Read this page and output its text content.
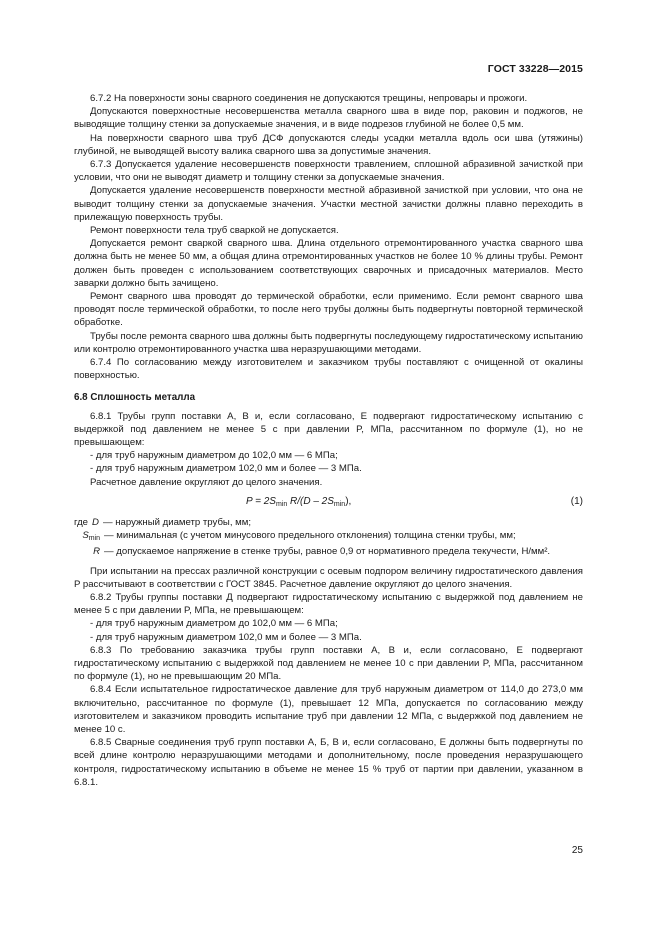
ГОСТ 33228—2015

6.7.2 На поверхности зоны сварного соединения не допускаются трещины, непровары и прожоги.

Допускаются поверхностные несовершенства металла сварного шва в виде пор, раковин и поджогов, не выводящие толщину стенки за допускаемые значения, и в виде подрезов глубиной не более 0,5 мм.

На поверхности сварного шва труб ДСФ допускаются следы усадки металла вдоль оси шва (утяжины) глубиной, не выводящей высоту валика сварного шва за допустимые значения.

6.7.3 Допускается удаление несовершенств поверхности травлением, сплошной абразивной зачисткой при условии, что они не выводят диаметр и толщину стенки за допускаемые значения.

Допускается удаление несовершенств поверхности местной абразивной зачисткой при условии, что она не выводит толщину стенки за допускаемые значения. Участки местной зачистки должны плавно переходить в прилежащую поверхность трубы.

Ремонт поверхности тела труб сваркой не допускается.

Допускается ремонт сваркой сварного шва. Длина отдельного отремонтированного участка сварного шва должна быть не менее 50 мм, а общая длина отремонтированных участков не более 10 % длины трубы. Ремонт должен быть проведен с использованием соответствующих сварочных и присадочных материалов. Место заварки должно быть зачищено.

Ремонт сварного шва проводят до термической обработки, если применимо. Если ремонт сварного шва проводят после термической обработки, то после него трубы должны быть подвергнуты повторной термической обработке.

Трубы после ремонта сварного шва должны быть подвергнуты последующему гидростатическому испытанию или контролю отремонтированного участка шва неразрушающими методами.

6.7.4 По согласованию между изготовителем и заказчиком трубы поставляют с очищенной от окалины поверхностью.

6.8 Сплошность металла

6.8.1 Трубы групп поставки А, В и, если согласовано, Е подвергают гидростатическому испытанию с выдержкой под давлением не менее 5 с при давлении P, МПа, рассчитанном по формуле (1), но не превышающем:

- для труб наружным диаметром до 102,0 мм — 6 МПа;

- для труб наружным диаметром 102,0 мм и более — 3 МПа.

Расчетное давление округляют до целого значения.

$P = 2S_{min}$ $R/(D - 2S_{min})$,	(1)
где D — наружный диаметр трубы, мм;
$S_{min}$ — минимальная (с учетом минусового предельного отклонения) толщина стенки трубы, мм;
R — допускаемое напряжение в стенке трубы, равное 0,9 от нормативного предела текучести, Н/мм².

При испытании на прессах различной конструкции с осевым подпором величину гидростатического давления P рассчитывают в соответствии с ГОСТ 3845. Расчетное давление округляют до целого значения.

6.8.2 Трубы группы поставки Д подвергают гидростатическому испытанию с выдержкой под давлением не менее 5 с при давлении P, МПа, не превышающем:

- для труб наружным диаметром до 102,0 мм — 6 МПа;

- для труб наружным диаметром 102,0 мм и более — 3 МПа.

6.8.3 По требованию заказчика трубы групп поставки А, В и, если согласовано, Е подвергают гидростатическому испытанию с выдержкой под давлением не менее 10 с при давлении P, МПа, рассчитанном по формуле (1), но не превышающим 20 МПа.

6.8.4 Если испытательное гидростатическое давление для труб наружным диаметром от 114,0 до 273,0 мм включительно, рассчитанное по формуле (1), превышает 12 МПа, допускается по согласованию между изготовителем и заказчиком проводить испытание труб при давлении 12 МПа, с выдержкой под давлением не менее 10 с.

6.8.5 Сварные соединения труб групп поставки А, Б, В и, если согласовано, Е должны быть подвергнуты по всей длине контролю неразрушающими методами и дополнительному, после проведения неразрушающего контроля, гидростатическому испытанию в объеме не менее 15 % труб от партии при давлении, указанном в 6.8.1.

25
